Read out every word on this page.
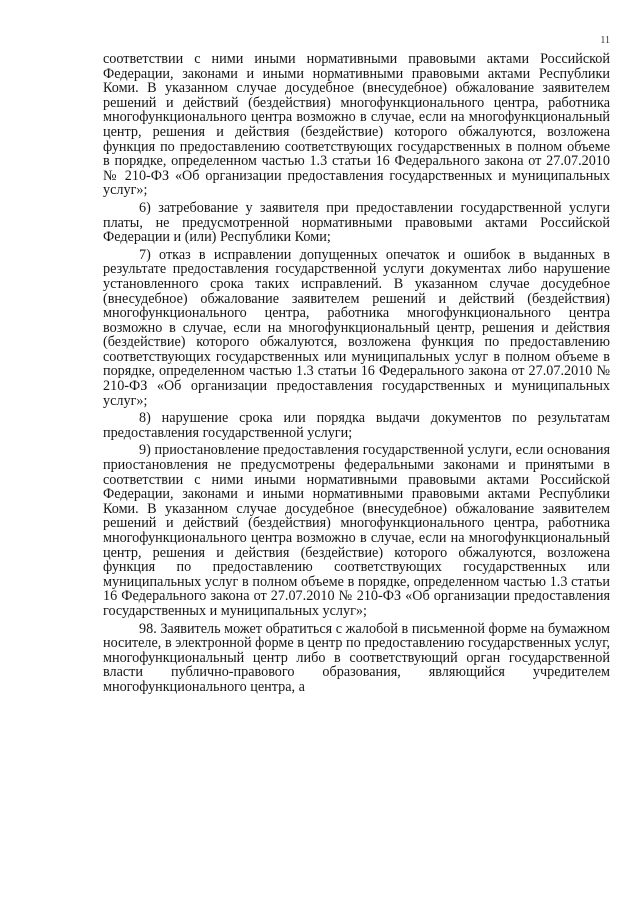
11

соответствии с ними иными нормативными правовыми актами Российской Федерации, законами и иными нормативными правовыми актами Республики Коми. В указанном случае досудебное (внесудебное) обжалование заявителем решений и действий (бездействия) многофункционального центра, работника многофункционального центра возможно в случае, если на многофункциональный центр, решения и действия (бездействие) которого обжалуются, возложена функция по предоставлению соответствующих государственных в полном объеме в порядке, определенном частью 1.3 статьи 16 Федерального закона от 27.07.2010 № 210-ФЗ «Об организации предоставления государственных и муниципальных услуг»;

6) затребование у заявителя при предоставлении государственной услуги платы, не предусмотренной нормативными правовыми актами Российской Федерации и (или) Республики Коми;

7) отказ в исправлении допущенных опечаток и ошибок в выданных в результате предоставления государственной услуги документах либо нарушение установленного срока таких исправлений. В указанном случае досудебное (внесудебное) обжалование заявителем решений и действий (бездействия) многофункционального центра, работника многофункционального центра возможно в случае, если на многофункциональный центр, решения и действия (бездействие) которого обжалуются, возложена функция по предоставлению соответствующих государственных или муниципальных услуг в полном объеме в порядке, определенном частью 1.3 статьи 16 Федерального закона от 27.07.2010 № 210-ФЗ «Об организации предоставления государственных и муниципальных услуг»;

8) нарушение срока или порядка выдачи документов по результатам предоставления государственной услуги;

9) приостановление предоставления государственной услуги, если основания приостановления не предусмотрены федеральными законами и принятыми в соответствии с ними иными нормативными правовыми актами Российской Федерации, законами и иными нормативными правовыми актами Республики Коми. В указанном случае досудебное (внесудебное) обжалование заявителем решений и действий (бездействия) многофункционального центра, работника многофункционального центра возможно в случае, если на многофункциональный центр, решения и действия (бездействие) которого обжалуются, возложена функция по предоставлению соответствующих государственных или муниципальных услуг в полном объеме в порядке, определенном частью 1.3 статьи 16 Федерального закона от 27.07.2010 № 210-ФЗ «Об организации предоставления государственных и муниципальных услуг»;

98. Заявитель может обратиться с жалобой в письменной форме на бумажном носителе, в электронной форме в центр по предоставлению государственных услуг, многофункциональный центр либо в соответствующий орган государственной власти публично-правового образования, являющийся учредителем многофункционального центра, а
